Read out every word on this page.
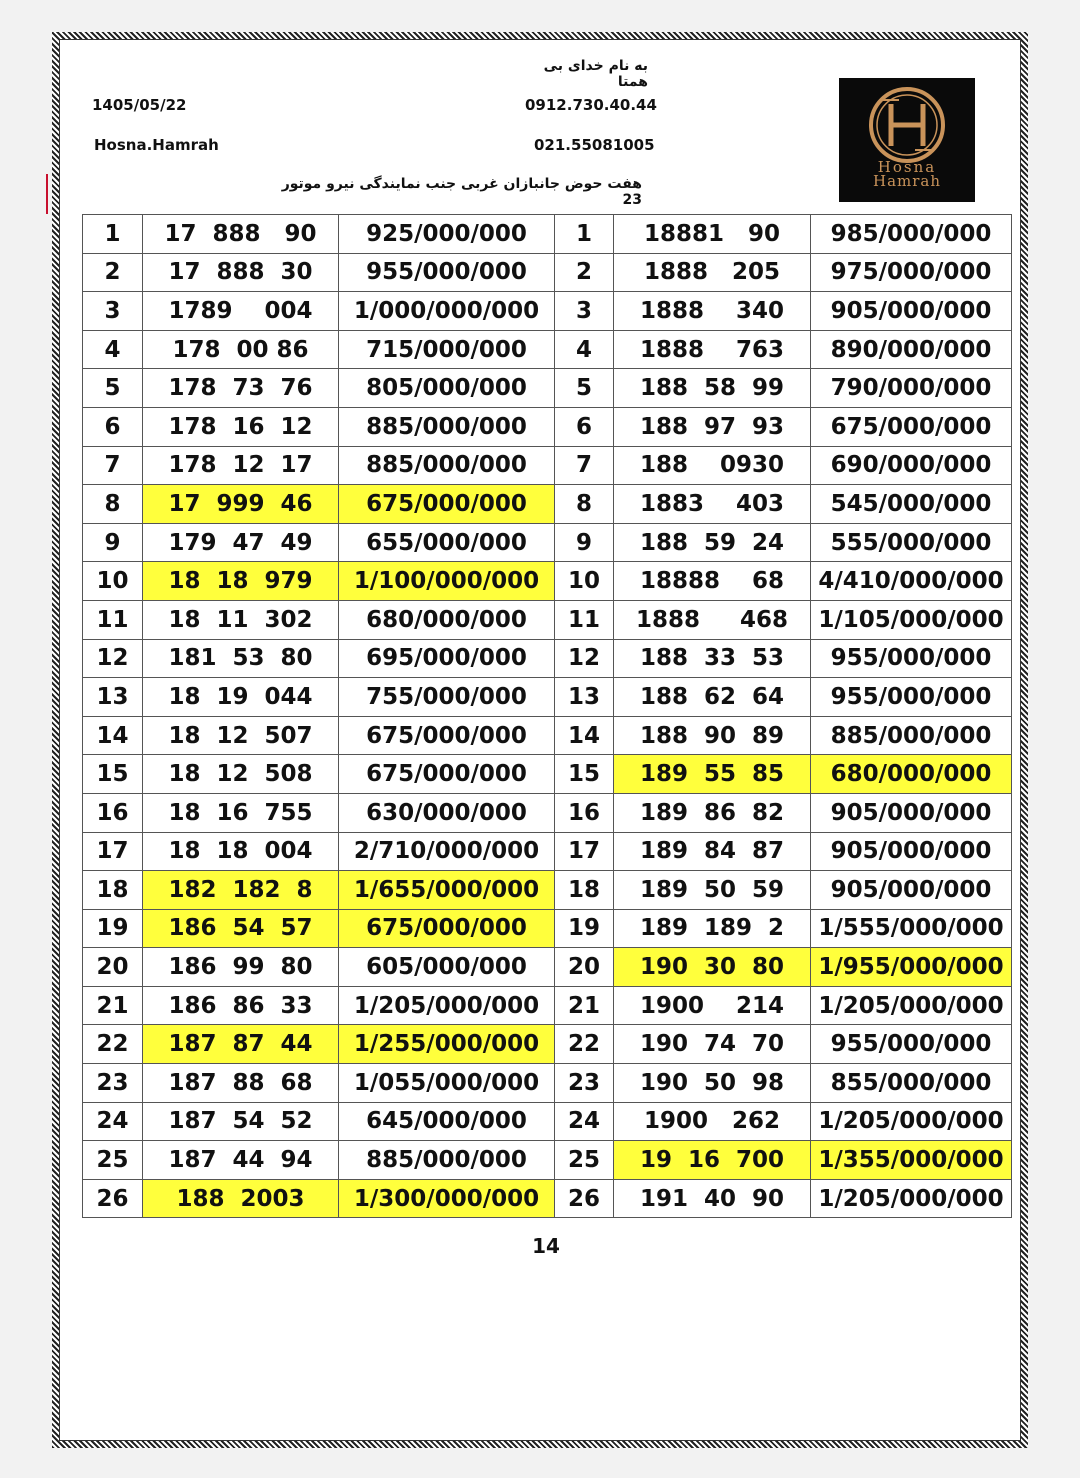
به نام خدای بی همتا
1405/05/22	0912.730.40.44
Hosna.Hamrah	021.55081005
هفت حوض جانبازان غربی جنب نمایندگی نیرو موتور 23
Hosna
Hamrah
1	17  888   90	925/000/000	1	18881   90	985/000/000
2	17  888  30	955/000/000	2	1888   205	975/000/000
3	1789    004	1/000/000/000	3	1888    340	905/000/000
4	178  00 86	715/000/000	4	1888    763	890/000/000
5	178  73  76	805/000/000	5	188  58  99	790/000/000
6	178  16  12	885/000/000	6	188  97  93	675/000/000
7	178  12  17	885/000/000	7	188    0930	690/000/000
8	17  999  46	675/000/000	8	1883    403	545/000/000
9	179  47  49	655/000/000	9	188  59  24	555/000/000
10	18  18  979	1/100/000/000	10	18888    68	4/410/000/000
11	18  11  302	680/000/000	11	1888     468	1/105/000/000
12	181  53  80	695/000/000	12	188  33  53	955/000/000
13	18  19  044	755/000/000	13	188  62  64	955/000/000
14	18  12  507	675/000/000	14	188  90  89	885/000/000
15	18  12  508	675/000/000	15	189  55  85	680/000/000
16	18  16  755	630/000/000	16	189  86  82	905/000/000
17	18  18  004	2/710/000/000	17	189  84  87	905/000/000
18	182  182  8	1/655/000/000	18	189  50  59	905/000/000
19	186  54  57	675/000/000	19	189  189  2	1/555/000/000
20	186  99  80	605/000/000	20	190  30  80	1/955/000/000
21	186  86  33	1/205/000/000	21	1900    214	1/205/000/000
22	187  87  44	1/255/000/000	22	190  74  70	955/000/000
23	187  88  68	1/055/000/000	23	190  50  98	855/000/000
24	187  54  52	645/000/000	24	1900   262	1/205/000/000
25	187  44  94	885/000/000	25	19  16  700	1/355/000/000
26	188  2003	1/300/000/000	26	191  40  90	1/205/000/000
14
